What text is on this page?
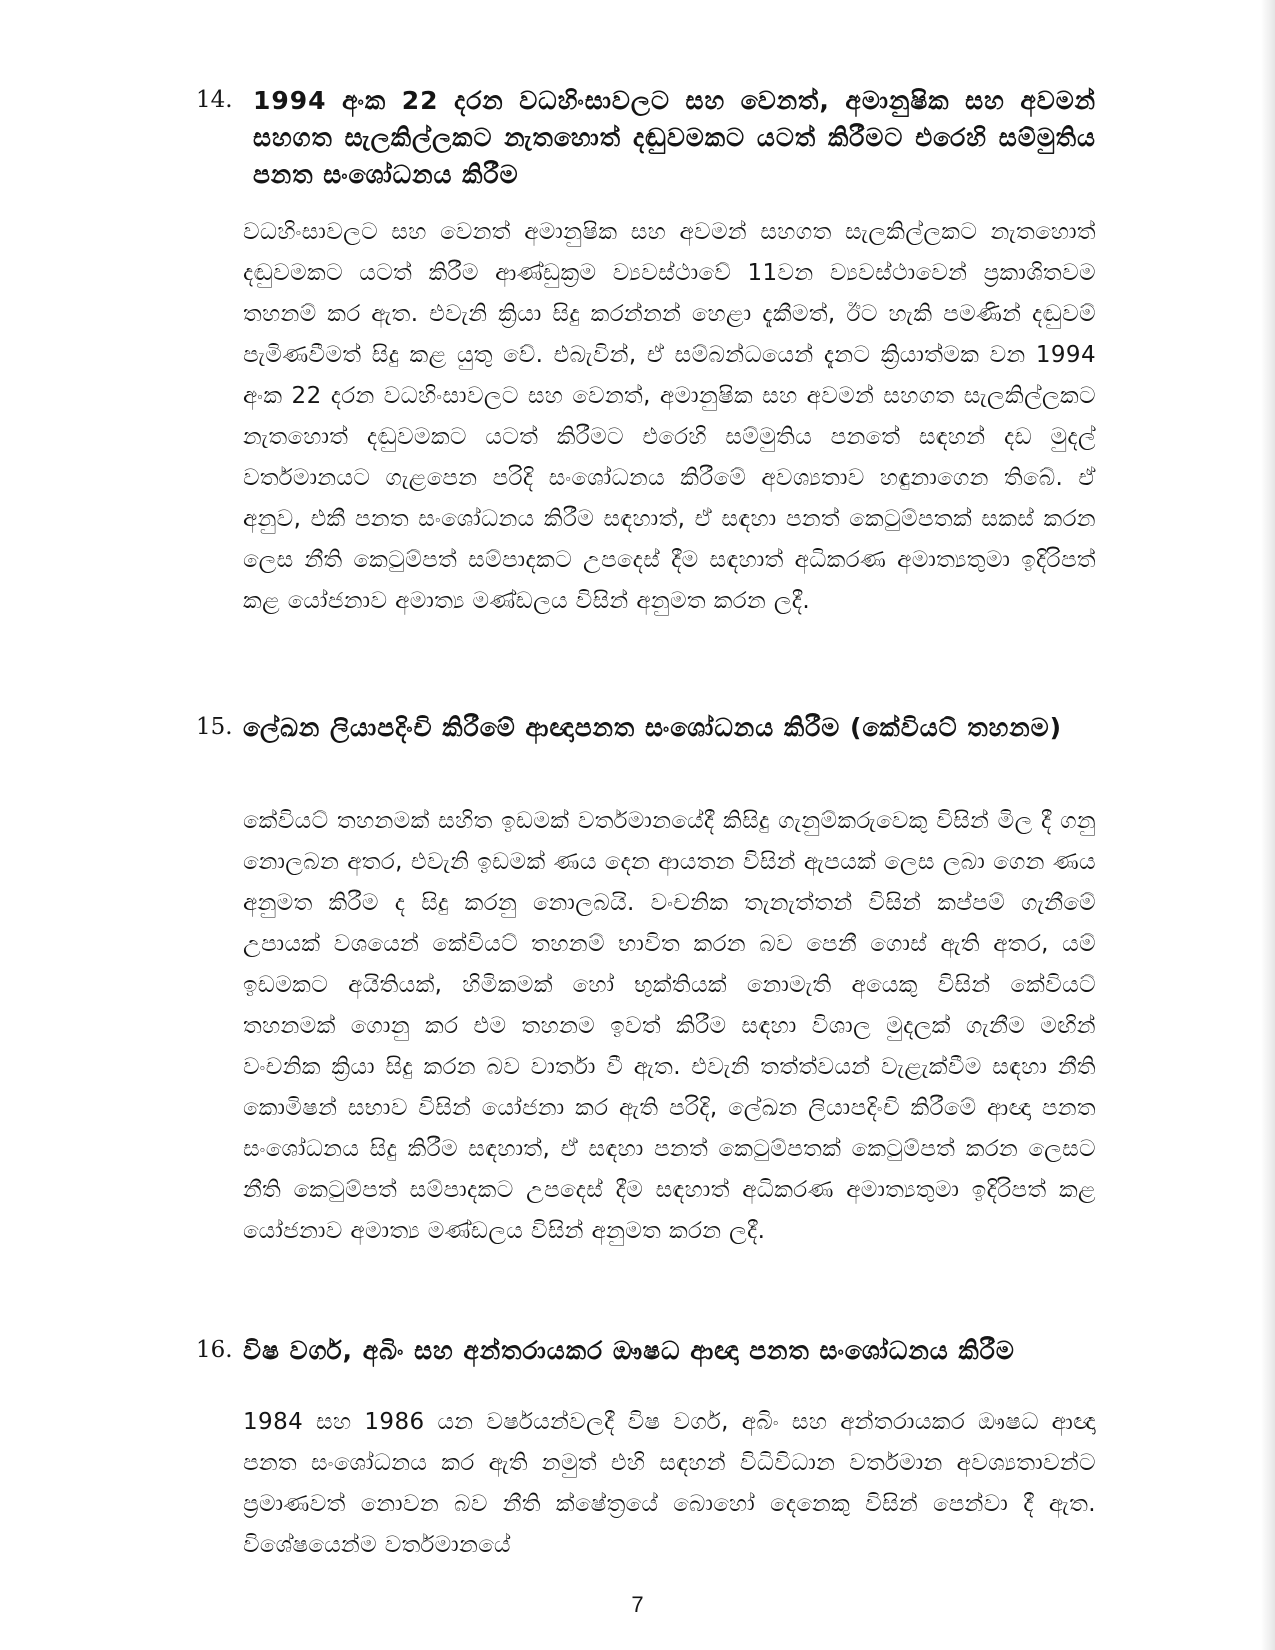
14. 1994 අංක 22 දරන වධහිංසාවලට සහ වෙනත්, අමානුෂික සහ අවමන් සහගත සැලකිල්ලකට නැතහොත් දඬුවමකට යටත් කිරීමට එරෙහි සම්මුතිය පනත සංශෝධනය කිරීම
වධහිංසාවලට සහ වෙනත් අමානුෂික සහ අවමන් සහගත සැලකිල්ලකට නැතහොත් දඬුවමකට යටත් කිරීම ආණ්ඩුක්‍රම ව්‍යවස්ථාවේ 11වන ව්‍යවස්ථාවෙන් ප්‍රකාශිතවම තහනම් කර ඇත. එවැනි ක්‍රියා සිදු කරන්නන් හෙළා දැකීමත්, ඊට හැකි පමණින් දඬුවම් පැමිණවීමත් සිදු කළ යුතු වේ. එබැවින්, ඒ සම්බන්ධයෙන් දැනට ක්‍රියාත්මක වන 1994 අංක 22 දරන වධහිංසාවලට සහ වෙනත්, අමානුෂික සහ අවමන් සහගත සැලකිල්ලකට නැතහොත් දඬුවමකට යටත් කිරීමට එරෙහි සම්මුතිය පනතේ සඳහන් දඩ මුදල් වර්තමානයට ගැළපෙන පරිදි සංශෝධනය කිරීමේ අවශ්‍යතාව හඳුනාගෙන තිබේ. ඒ අනුව, එකී පනත සංශෝධනය කිරීම සඳහාත්, ඒ සඳහා පනත් කෙටුම්පතක් සකස් කරන ලෙස නීති කෙටුම්පත් සම්පාදකට උපදෙස් දීම සඳහාත් අධිකරණ අමාත්‍යතුමා ඉදිරිපත් කළ යෝජනාව අමාත්‍ය මණ්ඩලය විසින් අනුමත කරන ලදී.
15. ලේඛන ලියාපදිංචි කිරීමේ ආඥාපනත සංශෝධනය කිරීම (කේවියට් තහනම)
කේවියට් තහනමක් සහිත ඉඩමක් වර්තමානයේදී කිසිදු ගැනුම්කරුවෙකු විසින් මිල දී ගනු නොලබන අතර, එවැනි ඉඩමක් ණය දෙන ආයතන විසින් ඇපයක් ලෙස ලබා ගෙන ණය අනුමත කිරීම ද සිදු කරනු නොලබයි. වංචනික තැනැත්තන් විසින් කප්පම් ගැනීමේ උපායක් වශයෙන් කේවියට් තහනම් භාවිත කරන බව පෙනී ගොස් ඇති අතර, යම් ඉඩමකට අයිතියක්, හිමිකමක් හෝ භුක්තියක් නොමැති අයෙකු විසින් කේවියට් තහනමක් ගොනු කර එම තහනම ඉවත් කිරීම සඳහා විශාල මුදලක් ගැනීම මඟින් වංචනික ක්‍රියා සිදු කරන බව වාර්තා වී ඇත. එවැනි තත්ත්වයන් වැළැක්වීම සඳහා නීති කොමිෂන් සභාව විසින් යෝජනා කර ඇති පරිදි, ලේඛන ලියාපදිංචි කිරීමේ ආඥා පනත සංශෝධනය සිදු කිරීම සඳහාත්, ඒ සඳහා පනත් කෙටුම්පතක් කෙටුම්පත් කරන ලෙසට නීති කෙටුම්පත් සම්පාදකට උපදෙස් දීම සඳහාත් අධිකරණ අමාත්‍යතුමා ඉදිරිපත් කළ යෝජනාව අමාත්‍ය මණ්ඩලය විසින් අනුමත කරන ලදී.
16. විෂ වර්ග, අබිං සහ අන්තරායකර ඖෂධ ආඥා පනත සංශෝධනය කිරීම
1984 සහ 1986 යන වර්ෂයන්වලදී විෂ වර්ග, අබිං සහ අන්තරායකර ඖෂධ ආඥා පනත සංශෝධනය කර ඇති නමුත් එහි සඳහන් විධිවිධාන වර්තමාන අවශ්‍යතාවන්ට ප්‍රමාණවත් නොවන බව නීති ක්ෂේත්‍රයේ බොහෝ දෙනෙකු විසින් පෙන්වා දී ඇත. විශේෂයෙන්ම වර්තමානයේ
7
